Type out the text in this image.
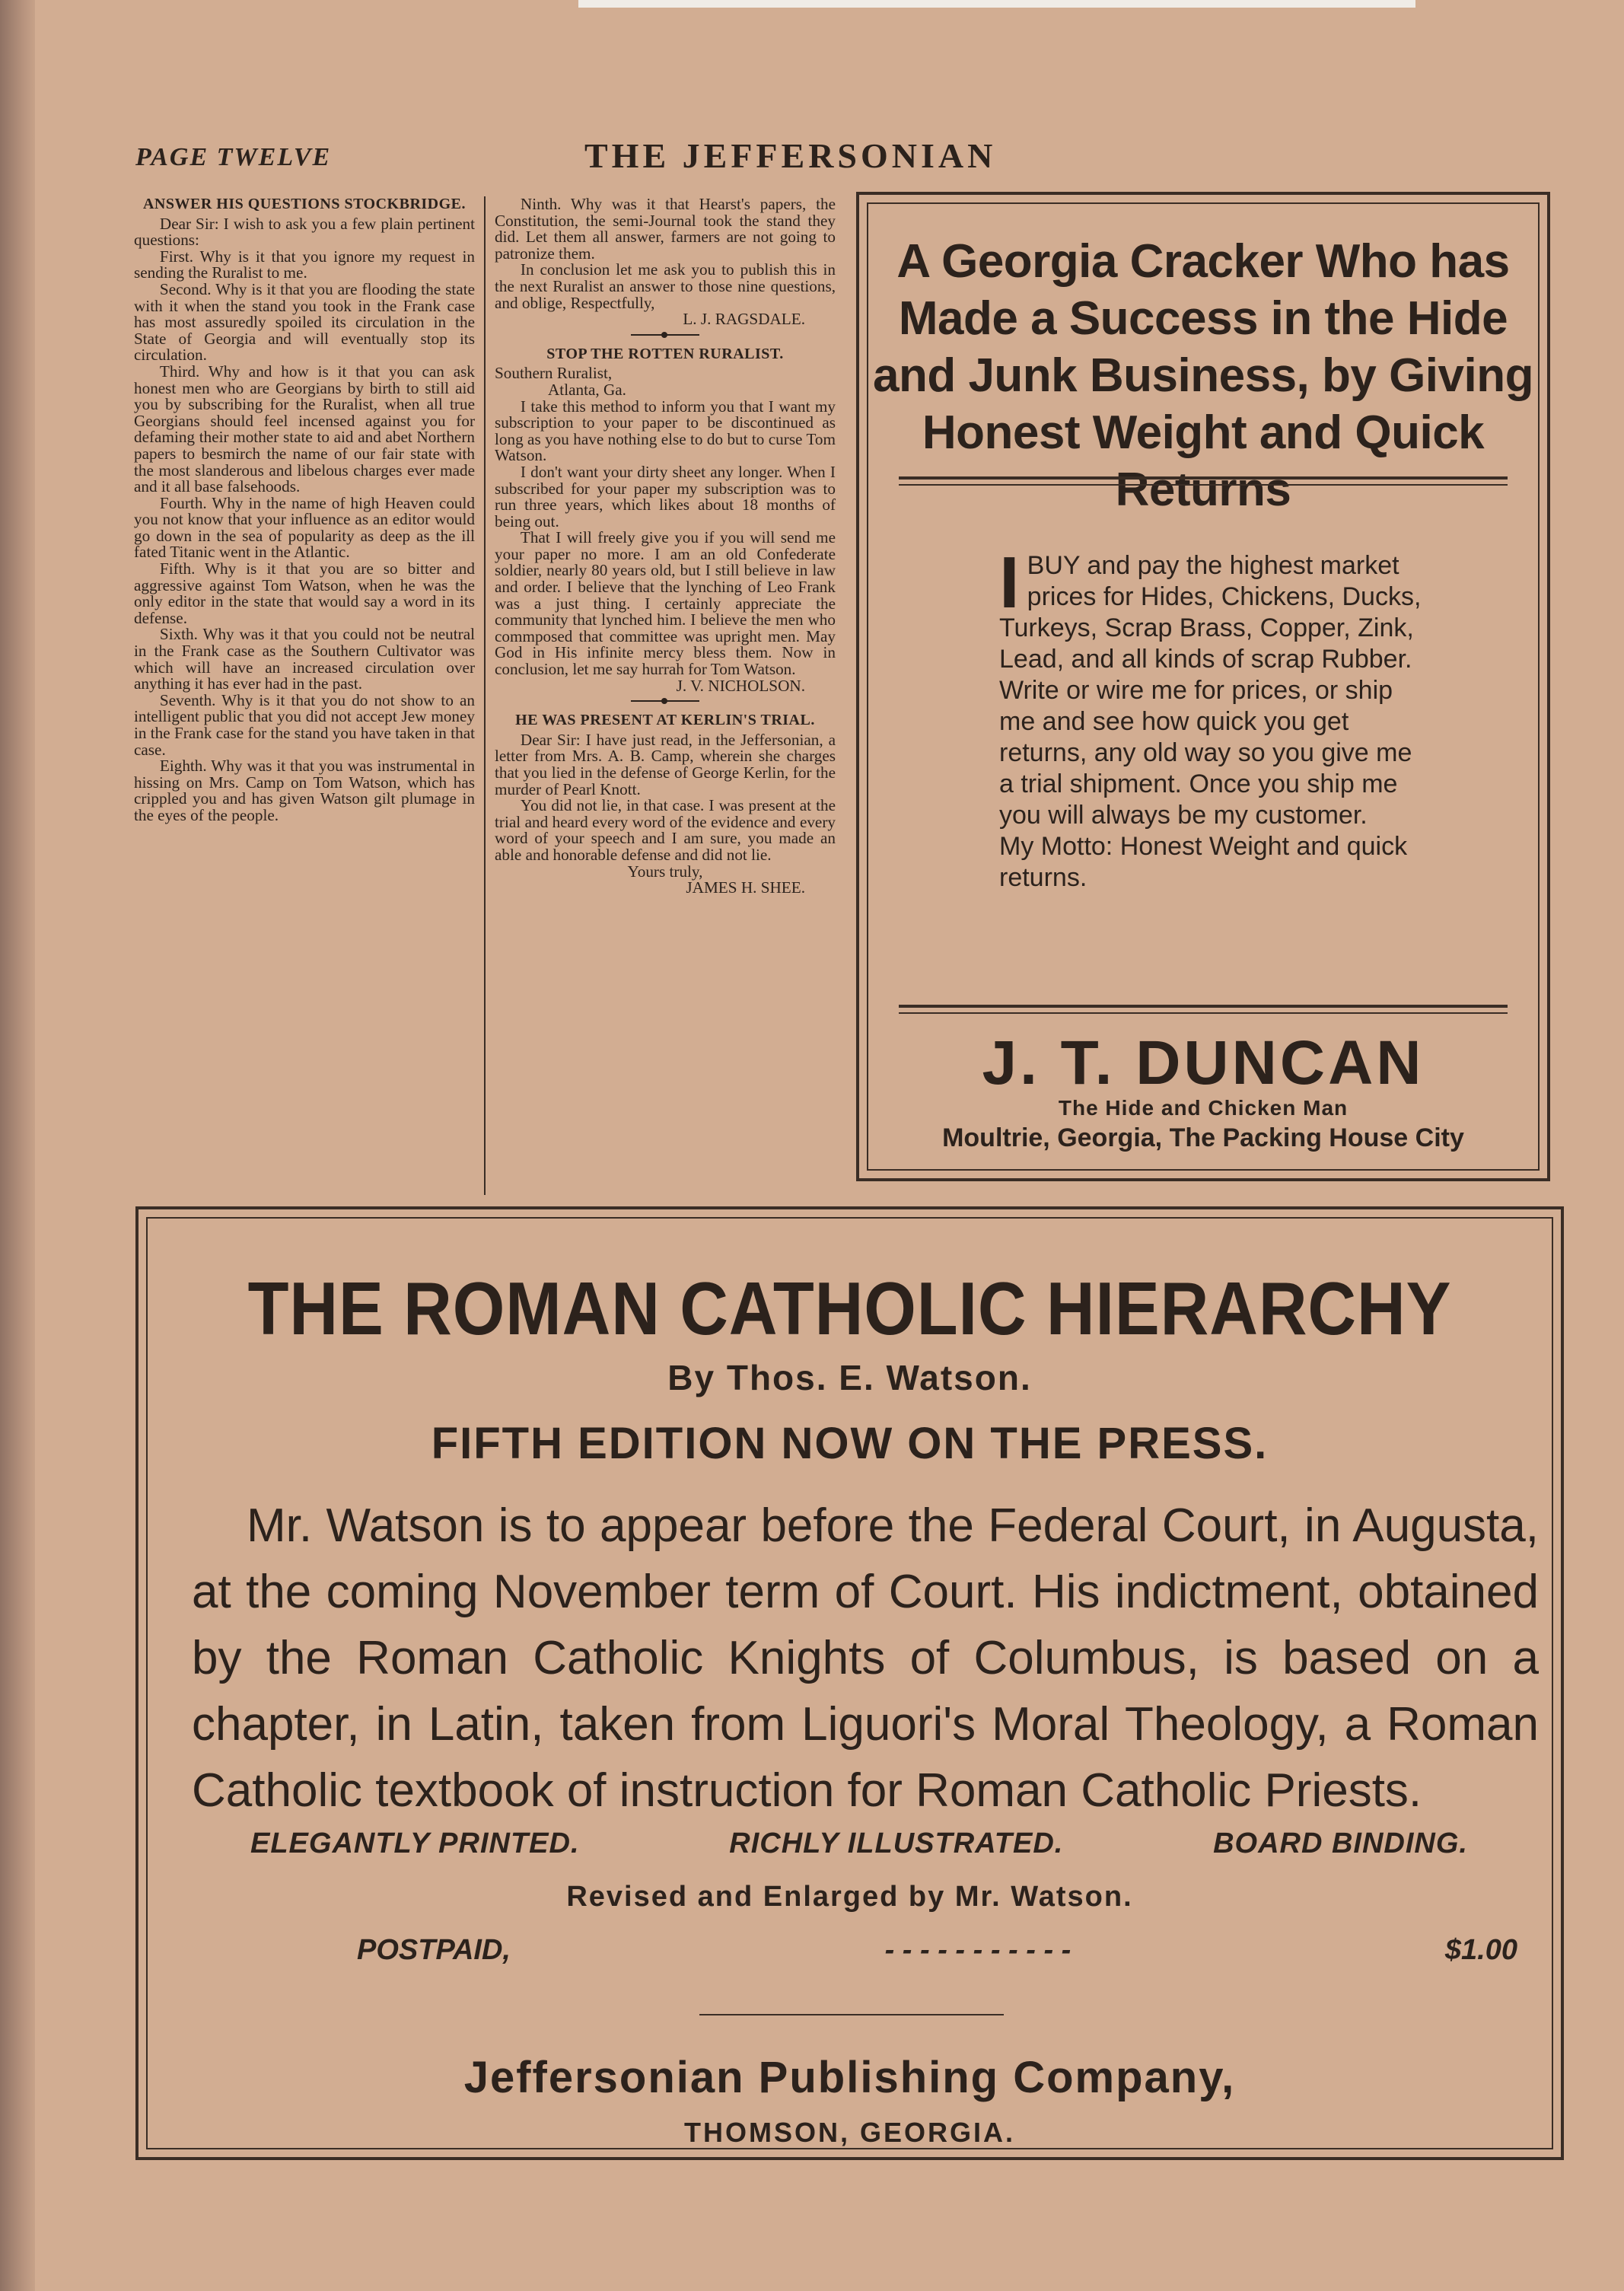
PAGE TWELVE	THE JEFFERSONIAN

ANSWER HIS QUESTIONS STOCKBRIDGE.

Dear Sir: I wish to ask you a few plain pertinent questions:

First. Why is it that you ignore my request in sending the Ruralist to me.

Second. Why is it that you are flooding the state with it when the stand you took in the Frank case has most assuredly spoiled its circulation in the State of Georgia and will eventually stop its circulation.

Third. Why and how is it that you can ask honest men who are Georgians by birth to still aid you by subscribing for the Ruralist, when all true Georgians should feel incensed against you for defaming their mother state to aid and abet Northern papers to besmirch the name of our fair state with the most slanderous and libelous charges ever made and it all base falsehoods.

Fourth. Why in the name of high Heaven could you not know that your influence as an editor would go down in the sea of popularity as deep as the ill fated Titanic went in the Atlantic.

Fifth. Why is it that you are so bitter and aggressive against Tom Watson, when he was the only editor in the state that would say a word in its defense.

Sixth. Why was it that you could not be neutral in the Frank case as the Southern Cultivator was which will have an increased circulation over anything it has ever had in the past.

Seventh. Why is it that you do not show to an intelligent public that you did not accept Jew money in the Frank case for the stand you have taken in that case.

Eighth. Why was it that you was instrumental in hissing on Mrs. Camp on Tom Watson, which has crippled you and has given Watson gilt plumage in the eyes of the people.

Ninth. Why was it that Hearst's papers, the Constitution, the semi-Journal took the stand they did. Let them all answer, farmers are not going to patronize them.

In conclusion let me ask you to publish this in the next Ruralist an answer to those nine questions, and oblige, Respectfully,

L. J. RAGSDALE.

STOP THE ROTTEN RURALIST.

Southern Ruralist,

Atlanta, Ga.

I take this method to inform you that I want my subscription to your paper to be discontinued as long as you have nothing else to do but to curse Tom Watson.

I don't want your dirty sheet any longer. When I subscribed for your paper my subscription was to run three years, which likes about 18 months of being out.

That I will freely give you if you will send me your paper no more. I am an old Confederate soldier, nearly 80 years old, but I still believe in law and order. I believe that the lynching of Leo Frank was a just thing. I certainly appreciate the community that lynched him. I believe the men who commposed that committee was upright men. May God in His infinite mercy bless them. Now in conclusion, let me say hurrah for Tom Watson.

J. V. NICHOLSON.

HE WAS PRESENT AT KERLIN'S TRIAL.

Dear Sir: I have just read, in the Jeffersonian, a letter from Mrs. A. B. Camp, wherein she charges that you lied in the defense of George Kerlin, for the murder of Pearl Knott.

You did not lie, in that case. I was present at the trial and heard every word of the evidence and every word of your speech and I am sure, you made an able and honorable defense and did not lie.

Yours truly,

JAMES H. SHEE.

A Georgia Cracker Who has Made a Success in the Hide and Junk Business, by Giving Honest Weight and Quick Returns
I BUY and pay the highest market prices for Hides, Chickens, Ducks, Turkeys, Scrap Brass, Copper, Zink, Lead, and all kinds of scrap Rubber.
Write or wire me for prices, or ship me and see how quick you get returns, any old way so you give me a trial shipment. Once you ship me you will always be my customer.
My Motto: Honest Weight and quick returns.
J. T. DUNCAN
The Hide and Chicken Man
Moultrie, Georgia, The Packing House City
THE ROMAN CATHOLIC HIERARCHY
By Thos. E. Watson.
FIFTH EDITION NOW ON THE PRESS.
Mr. Watson is to appear before the Federal Court, in Augusta, at the coming November term of Court. His indictment, obtained by the Roman Catholic Knights of Columbus, is based on a chapter, in Latin, taken from Liguori's Moral Theology, a Roman Catholic textbook of instruction for Roman Catholic Priests.
ELEGANTLY PRINTED.	RICHLY ILLUSTRATED.	BOARD BINDING.
Revised and Enlarged by Mr. Watson.
POSTPAID,	- - - - - - - - - - -	$1.00
Jeffersonian Publishing Company,
THOMSON, GEORGIA.
